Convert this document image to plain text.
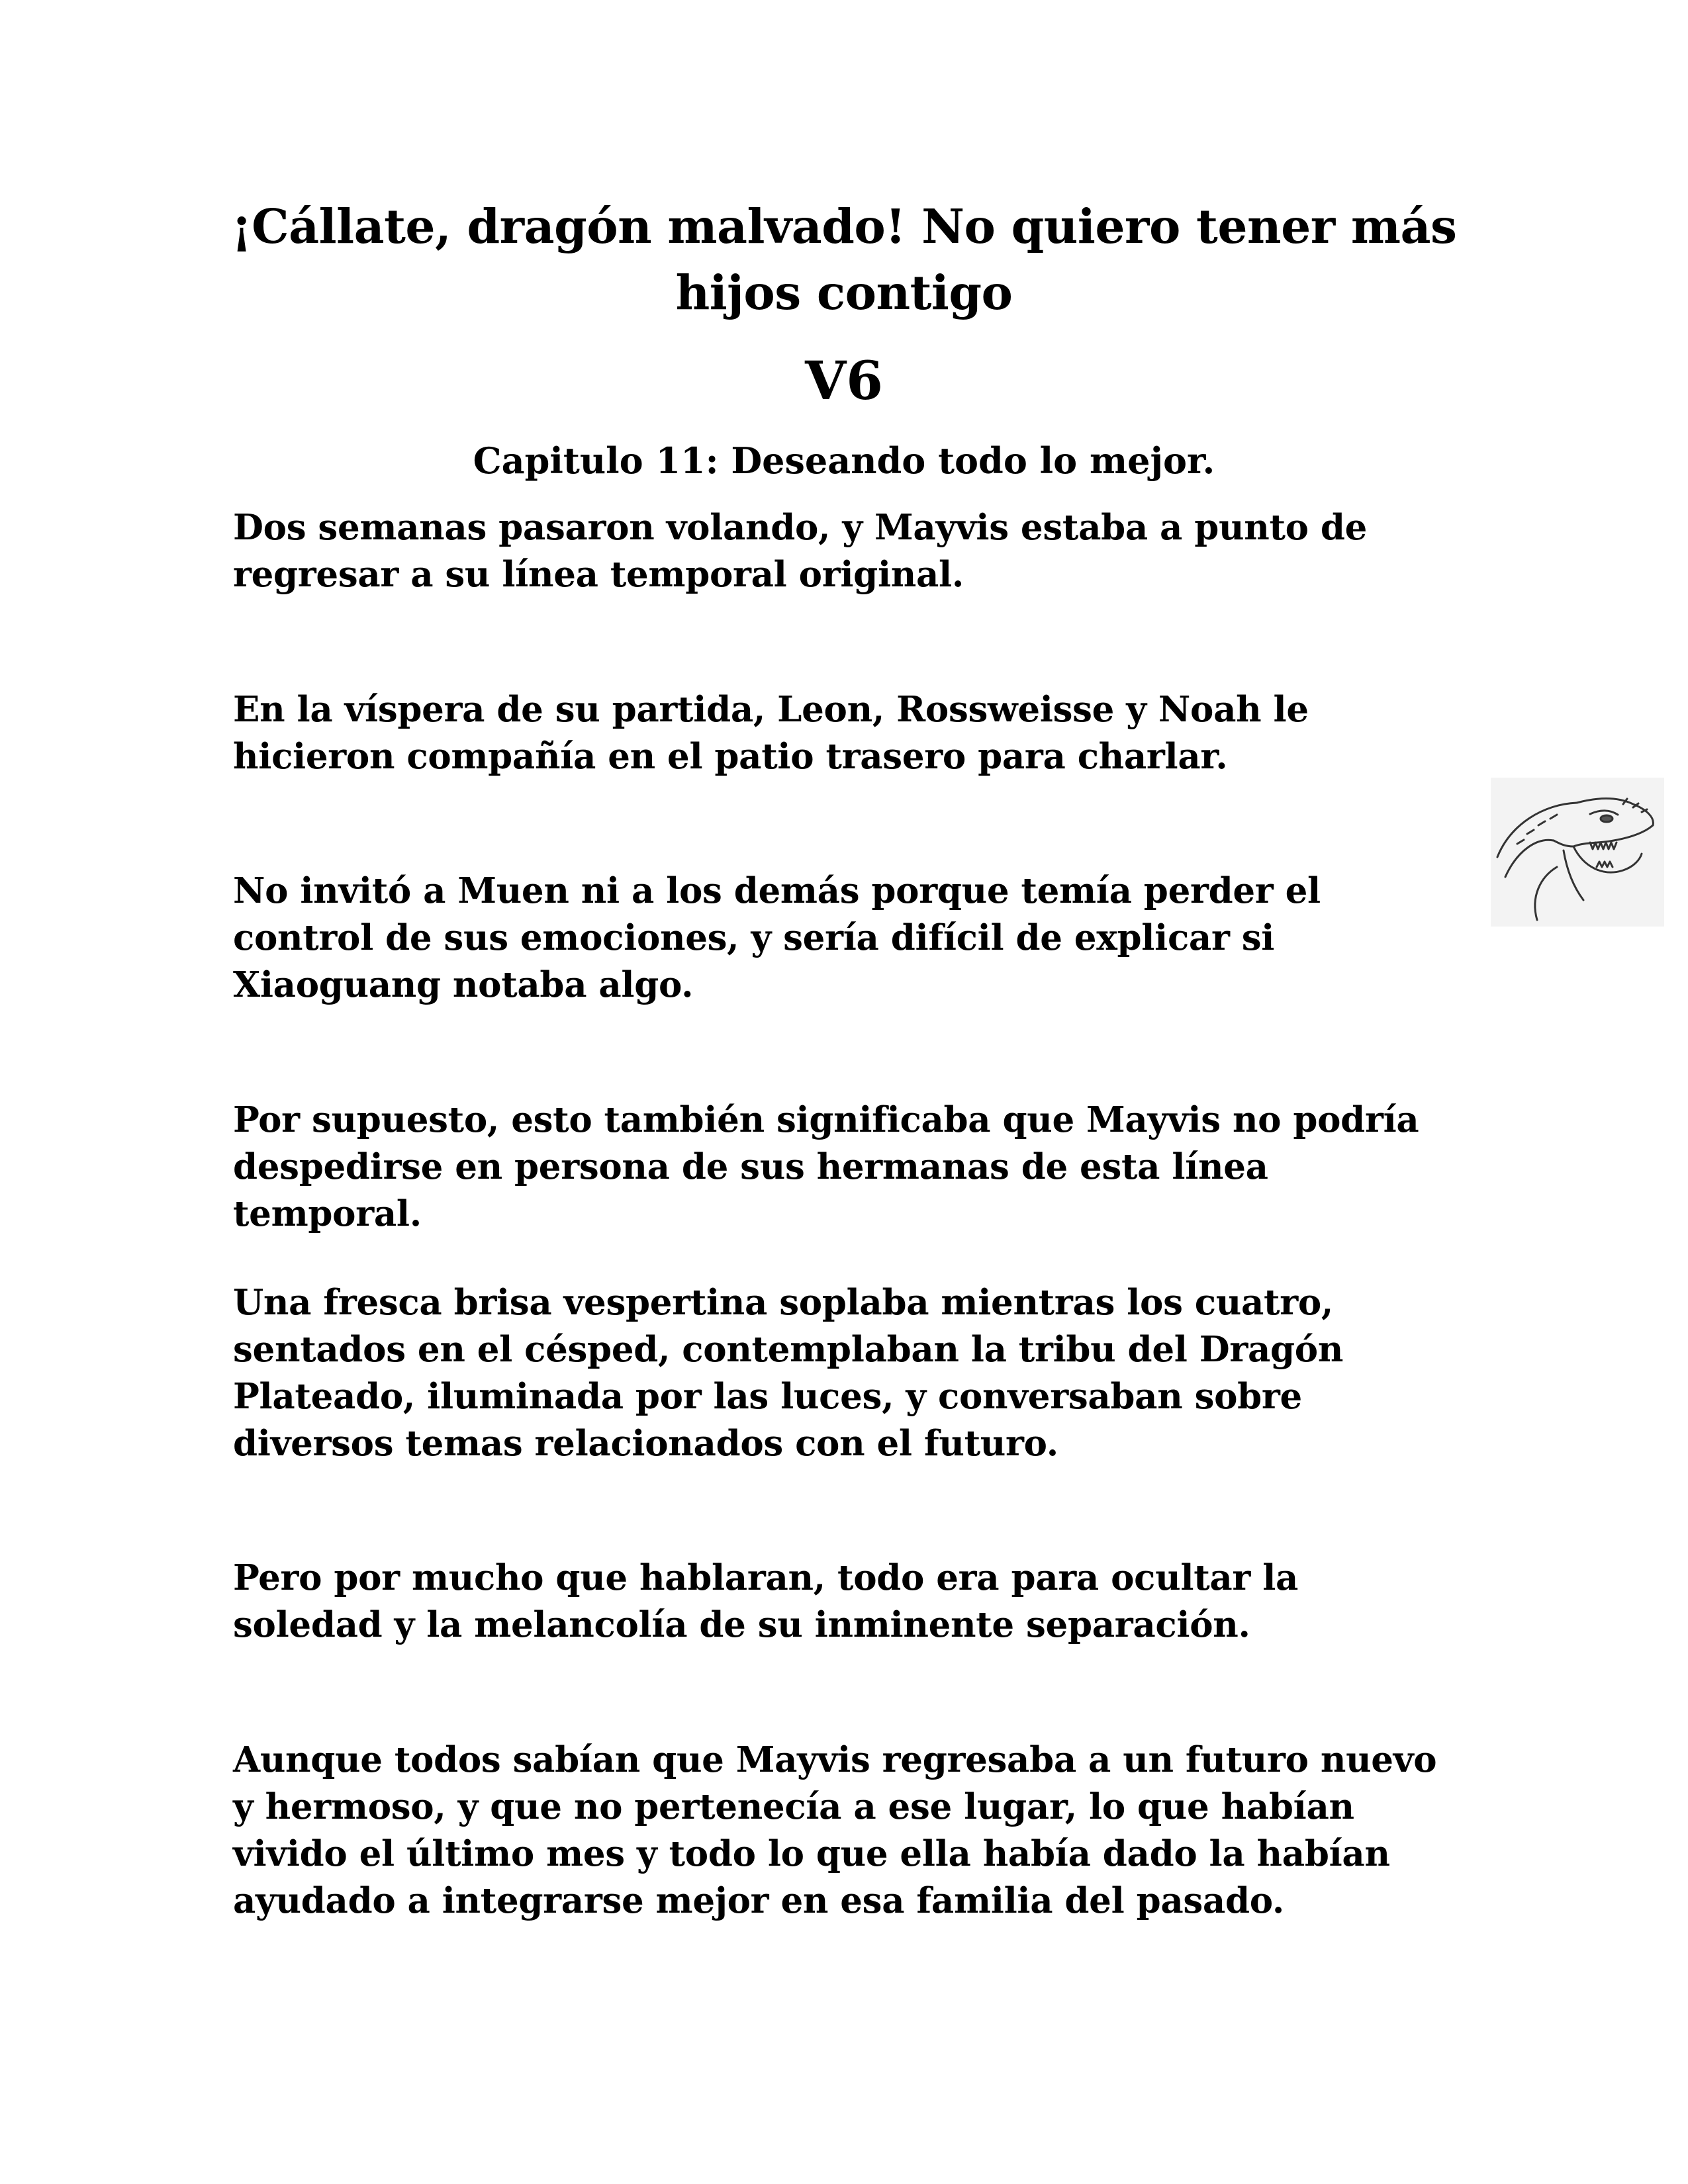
¡Cállate, dragón malvado! No quiero tener más hijos contigo
V6
Capitulo 11: Deseando todo lo mejor.

Dos semanas pasaron volando, y Mayvis estaba a punto de regresar a su línea temporal original.

En la víspera de su partida, Leon, Rossweisse y Noah le hicieron compañía en el patio trasero para charlar.

No invitó a Muen ni a los demás porque temía perder el control de sus emociones, y sería difícil de explicar si Xiaoguang notaba algo.

Por supuesto, esto también significaba que Mayvis no podría despedirse en persona de sus hermanas de esta línea temporal.

Una fresca brisa vespertina soplaba mientras los cuatro, sentados en el césped, contemplaban la tribu del Dragón Plateado, iluminada por las luces, y conversaban sobre diversos temas relacionados con el futuro.

Pero por mucho que hablaran, todo era para ocultar la soledad y la melancolía de su inminente separación.

Aunque todos sabían que Mayvis regresaba a un futuro nuevo y hermoso, y que no pertenecía a ese lugar, lo que habían vivido el último mes y todo lo que ella había dado la habían ayudado a integrarse mejor en esa familia del pasado.
